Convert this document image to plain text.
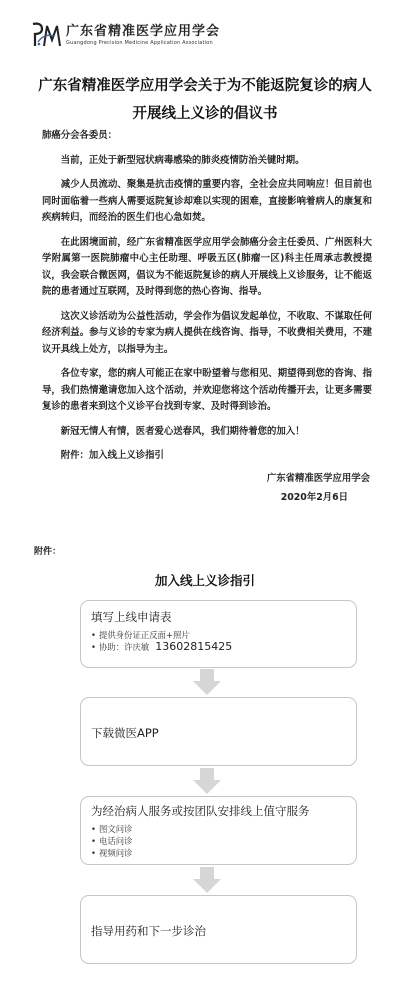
广东省精准医学应用学会
Guangdong Precision Medicine Application Association
广东省精准医学应用学会关于为不能返院复诊的病人
开展线上义诊的倡议书
肺癌分会各委员：

当前，正处于新型冠状病毒感染的肺炎疫情防治关键时期。

减少人员流动、聚集是抗击疫情的重要内容，全社会应共同响应！但目前也同时面临着一些病人需要返院复诊却难以实现的困难，直接影响着病人的康复和疾病转归，而经治的医生们也心急如焚。

在此困境面前，经广东省精准医学应用学会肺癌分会主任委员、广州医科大学附属第一医院肺瘤中心主任助理、呼吸五区(肺瘤一区)科主任周承志教授提议，我会联合微医网，倡议为不能返院复诊的病人开展线上义诊服务，让不能返院的患者通过互联网，及时得到您的热心咨询、指导。

这次义诊活动为公益性活动，学会作为倡议发起单位，不收取、不谋取任何经济利益。参与义诊的专家为病人提供在线咨询、指导，不收费相关费用，不建议开具线上处方，以指导为主。

各位专家，您的病人可能正在家中盼望着与您相见、期望得到您的咨询、指导，我们热情邀请您加入这个活动，并欢迎您将这个活动传播开去，让更多需要复诊的患者来到这个义诊平台找到专家、及时得到诊治。

新冠无情人有情，医者爱心送春风，我们期待着您的加入！

附件：加入线上义诊指引

广东省精准医学应用学会
2020年2月6日
附件：
加入线上义诊指引
填写上线申请表
• 提供身份证正反面+照片
• 协助：许庆敏 13602815425
下载微医APP
为经治病人服务或按团队安排线上值守服务
• 图文问诊
• 电话问诊
• 视频问诊
指导用药和下一步诊治
